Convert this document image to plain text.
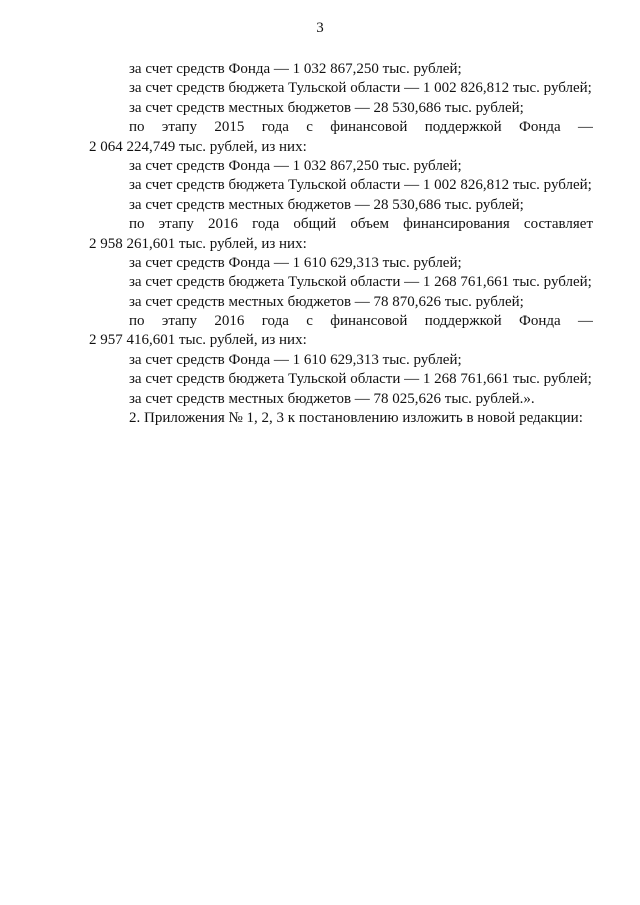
3
за счет средств Фонда — 1 032 867,250 тыс. рублей;
за счет средств бюджета Тульской области — 1 002 826,812 тыс. рублей;
за счет средств местных бюджетов — 28 530,686 тыс. рублей;
по этапу 2015 года с финансовой поддержкой Фонда —
2 064 224,749 тыс. рублей, из них:
за счет средств Фонда — 1 032 867,250 тыс. рублей;
за счет средств бюджета Тульской области — 1 002 826,812 тыс. рублей;
за счет средств местных бюджетов — 28 530,686 тыс. рублей;
по этапу 2016 года общий объем финансирования составляет
2 958 261,601 тыс. рублей, из них:
за счет средств Фонда — 1 610 629,313 тыс. рублей;
за счет средств бюджета Тульской области — 1 268 761,661 тыс. рублей;
за счет средств местных бюджетов — 78 870,626 тыс. рублей;
по этапу 2016 года с финансовой поддержкой Фонда —
2 957 416,601 тыс. рублей, из них:
за счет средств Фонда — 1 610 629,313 тыс. рублей;
за счет средств бюджета Тульской области — 1 268 761,661 тыс. рублей;
за счет средств местных бюджетов — 78 025,626 тыс. рублей.».
2. Приложения № 1, 2, 3 к постановлению изложить в новой редакции:
